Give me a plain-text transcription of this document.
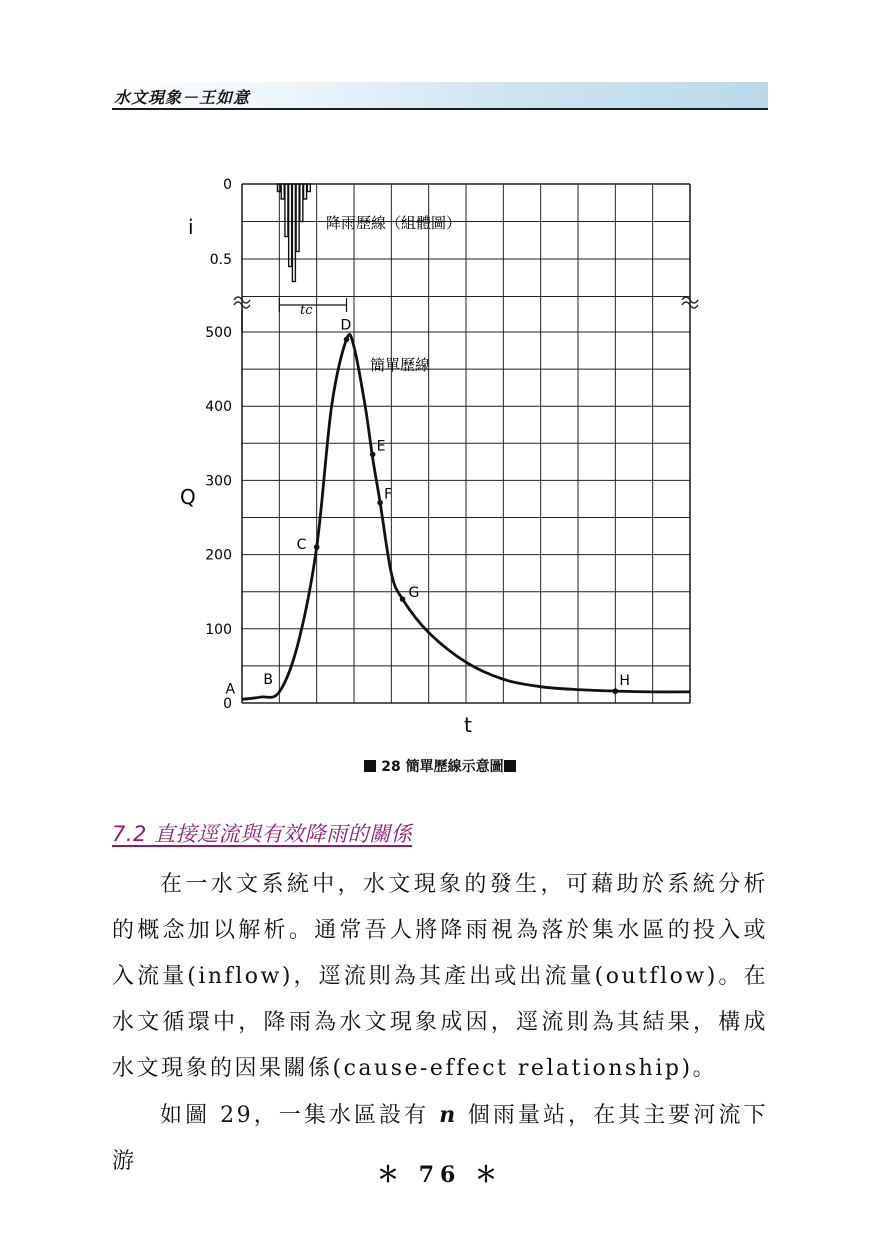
水文現象－王如意
i
0
0.5
Q
t
降雨歷線（組體圖）
簡單歷線
tc
0
100
200
300
400
500
A
B
C
D
E
F
G
H
28 簡單歷線示意圖
7.2 直接逕流與有效降雨的關係
在一水文系統中，水文現象的發生，可藉助於系統分析的概念加以解析。通常吾人將降雨視為落於集水區的投入或入流量(inflow)，逕流則為其產出或出流量(outflow)。在水文循環中，降雨為水文現象成因，逕流則為其結果，構成水文現象的因果關係(cause-effect relationship)。
如圖 29，一集水區設有 n 個雨量站，在其主要河流下游
＊ 76 ＊
